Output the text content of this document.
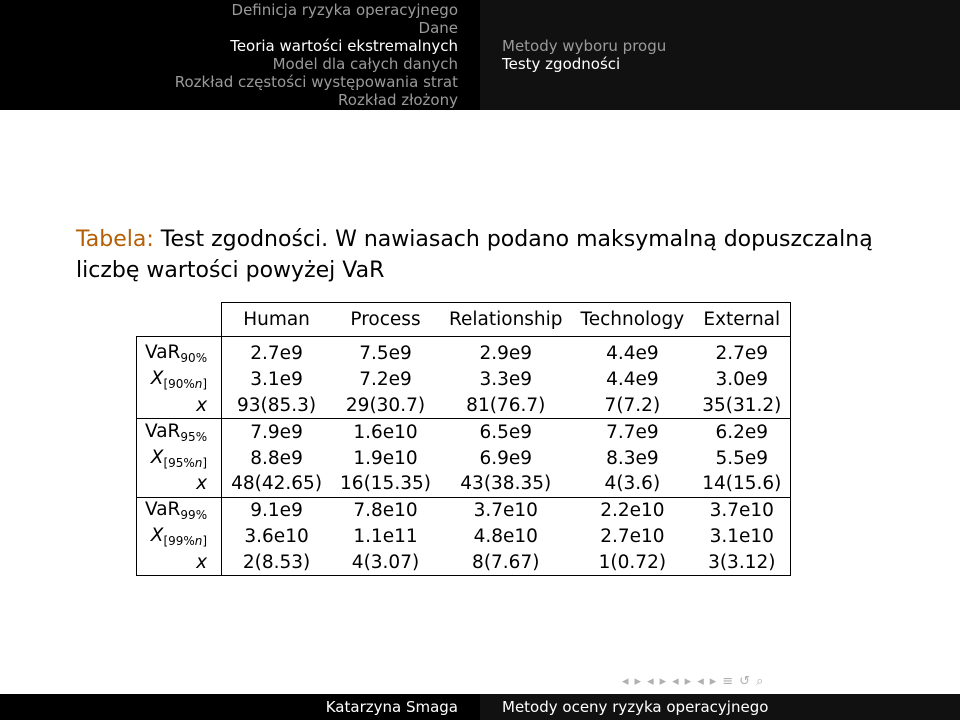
Definicja ryzyka operacyjnego
Dane
Teoria wartości ekstremalnych
Model dla całych danych
Rozkład częstości występowania strat
Rozkład złożony
Metody wyboru progu
Testy zgodności
Tabela: Test zgodności. W nawiasach podano maksymalną dopuszczalną liczbę wartości powyżej VaR
	Human	Process	Relationship	Technology	External
VaR$_{90\%}$	2.7e9	7.5e9	2.9e9	4.4e9	2.7e9
$X_{[90\%n]}$	3.1e9	7.2e9	3.3e9	4.4e9	3.0e9
x	93(85.3)	29(30.7)	81(76.7)	7(7.2)	35(31.2)
VaR$_{95\%}$	7.9e9	1.6e10	6.5e9	7.7e9	6.2e9
$X_{[95\%n]}$	8.8e9	1.9e10	6.9e9	8.3e9	5.5e9
x	48(42.65)	16(15.35)	43(38.35)	4(3.6)	14(15.6)
VaR$_{99\%}$	9.1e9	7.8e10	3.7e10	2.2e10	3.7e10
$X_{[99\%n]}$	3.6e10	1.1e11	4.8e10	2.7e10	3.1e10
x	2(8.53)	4(3.07)	8(7.67)	1(0.72)	3(3.12)
◂ ▸ ◂ ▸ ◂ ▸ ◂ ▸ ≡ ↺ ⌕
Katarzyna Smaga	Metody oceny ryzyka operacyjnego
